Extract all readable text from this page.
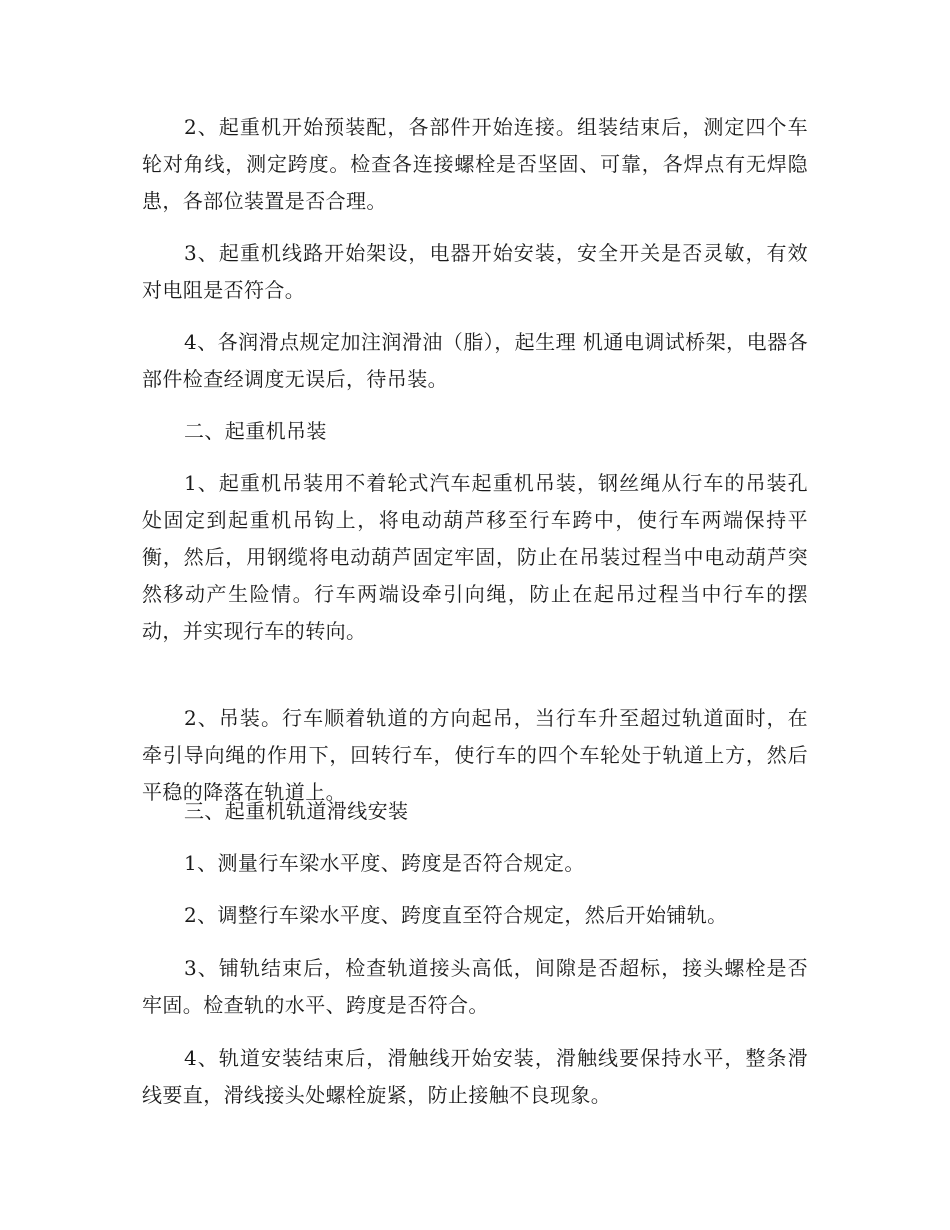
2、起重机开始预装配，各部件开始连接。组装结束后，测定四个车轮对角线，测定跨度。检查各连接螺栓是否坚固、可靠，各焊点有无焊隐患，各部位装置是否合理。

3、起重机线路开始架设，电器开始安装，安全开关是否灵敏，有效对电阻是否符合。

4、各润滑点规定加注润滑油（脂），起生理 机通电调试桥架，电器各部件检查经调度无误后，待吊装。

二、起重机吊装

1、起重机吊装用不着轮式汽车起重机吊装，钢丝绳从行车的吊装孔处固定到起重机吊钩上，将电动葫芦移至行车跨中，使行车两端保持平衡，然后，用钢缆将电动葫芦固定牢固，防止在吊装过程当中电动葫芦突然移动产生险情。行车两端设牵引向绳，防止在起吊过程当中行车的摆动，并实现行车的转向。

2、吊装。行车顺着轨道的方向起吊，当行车升至超过轨道面时，在牵引导向绳的作用下，回转行车，使行车的四个车轮处于轨道上方，然后平稳的降落在轨道上。

三、起重机轨道滑线安装

1、测量行车梁水平度、跨度是否符合规定。

2、调整行车梁水平度、跨度直至符合规定，然后开始铺轨。

3、铺轨结束后，检查轨道接头高低，间隙是否超标，接头螺栓是否牢固。检查轨的水平、跨度是否符合。

4、轨道安装结束后，滑触线开始安装，滑触线要保持水平，整条滑线要直，滑线接头处螺栓旋紧，防止接触不良现象。
